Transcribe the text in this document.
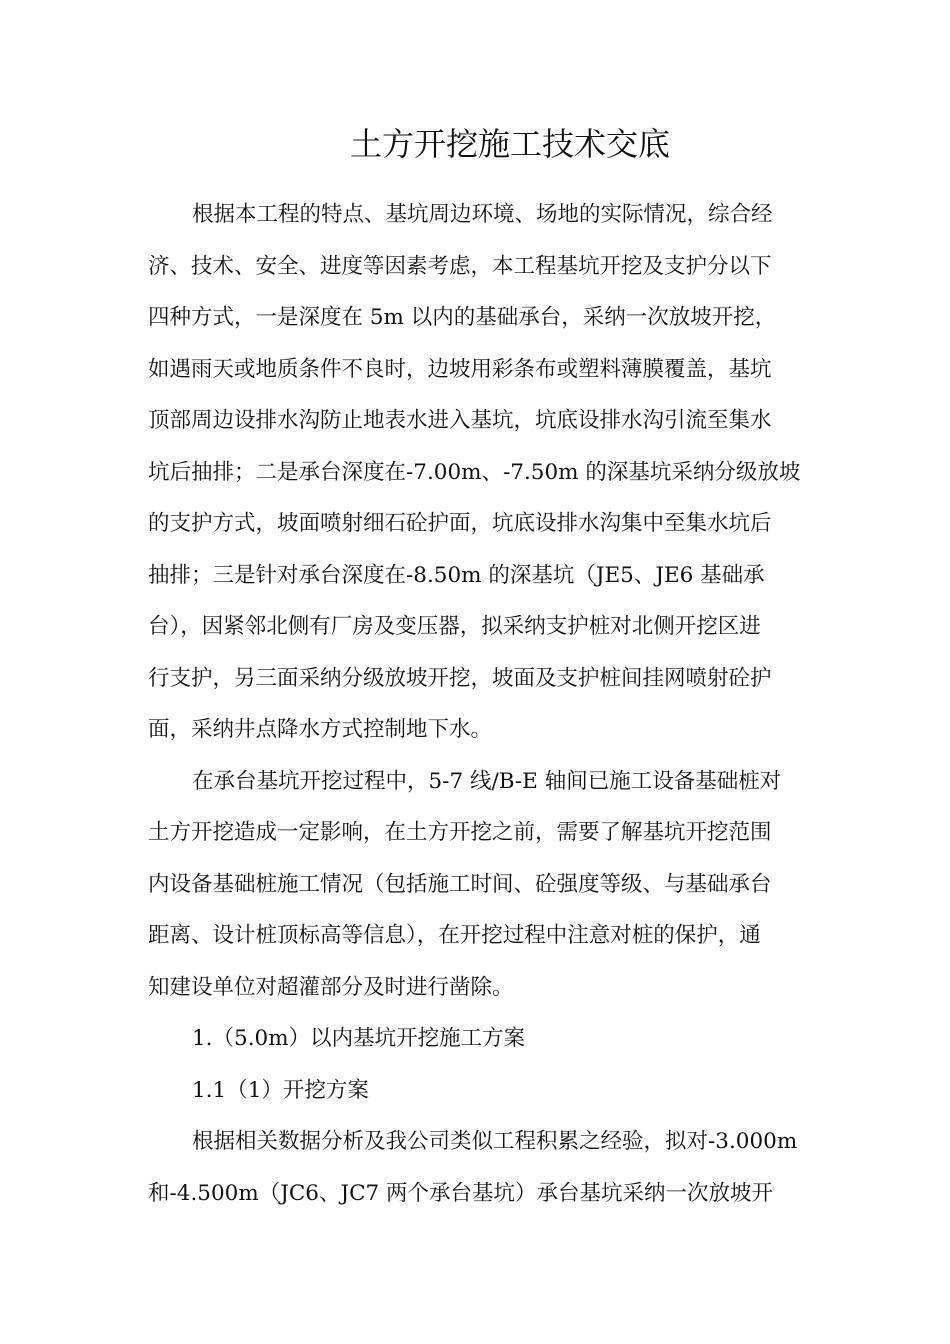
土方开挖施工技术交底

根据本工程的特点、基坑周边环境、场地的实际情况，综合经

济、技术、安全、进度等因素考虑，本工程基坑开挖及支护分以下

四种方式，一是深度在 5m 以内的基础承台，采纳一次放坡开挖，

如遇雨天或地质条件不良时，边坡用彩条布或塑料薄膜覆盖，基坑

顶部周边设排水沟防止地表水进入基坑，坑底设排水沟引流至集水

坑后抽排；二是承台深度在-7.00m、-7.50m 的深基坑采纳分级放坡

的支护方式，坡面喷射细石砼护面，坑底设排水沟集中至集水坑后

抽排；三是针对承台深度在-8.50m 的深基坑（JE5、JE6 基础承

台），因紧邻北侧有厂房及变压器，拟采纳支护桩对北侧开挖区进

行支护，另三面采纳分级放坡开挖，坡面及支护桩间挂网喷射砼护

面，采纳井点降水方式控制地下水。

在承台基坑开挖过程中，5-7 线/B-E 轴间已施工设备基础桩对

土方开挖造成一定影响，在土方开挖之前，需要了解基坑开挖范围

内设备基础桩施工情况（包括施工时间、砼强度等级、与基础承台

距离、设计桩顶标高等信息），在开挖过程中注意对桩的保护，通

知建设单位对超灌部分及时进行凿除。

1.（5.0m）以内基坑开挖施工方案

1.1（1）开挖方案

根据相关数据分析及我公司类似工程积累之经验，拟对-3.000m

和-4.500m（JC6、JC7 两个承台基坑）承台基坑采纳一次放坡开
